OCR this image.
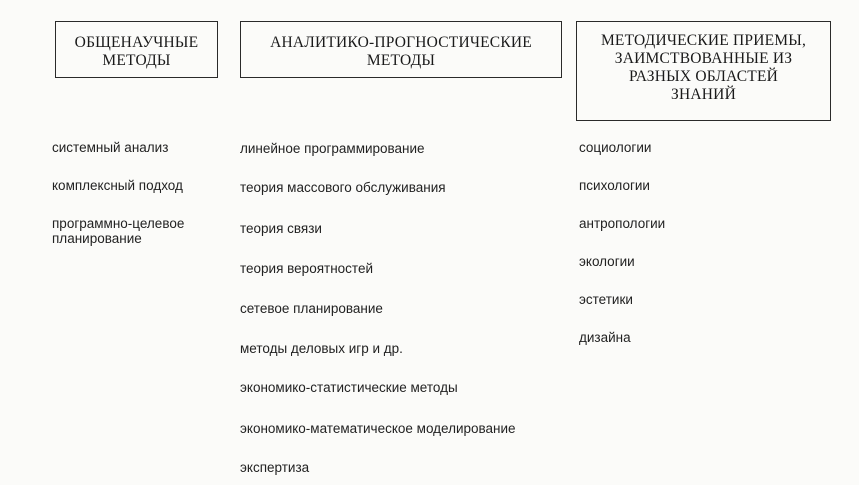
ОБЩЕНАУЧНЫЕ
МЕТОДЫ
АНАЛИТИКО-ПРОГНОСТИЧЕСКИЕ
МЕТОДЫ
МЕТОДИЧЕСКИЕ ПРИЕМЫ,
ЗАИМСТВОВАННЫЕ ИЗ
РАЗНЫХ ОБЛАСТЕЙ
ЗНАНИЙ
системный анализ
комплексный подход
программно-целевое планирование
линейное программирование
теория массового обслуживания
теория связи
теория вероятностей
сетевое планирование
методы деловых игр и др.
экономико-статистические методы
экономико-математическое моделирование
экспертиза
социологии
психологии
антропологии
экологии
эстетики
дизайна
